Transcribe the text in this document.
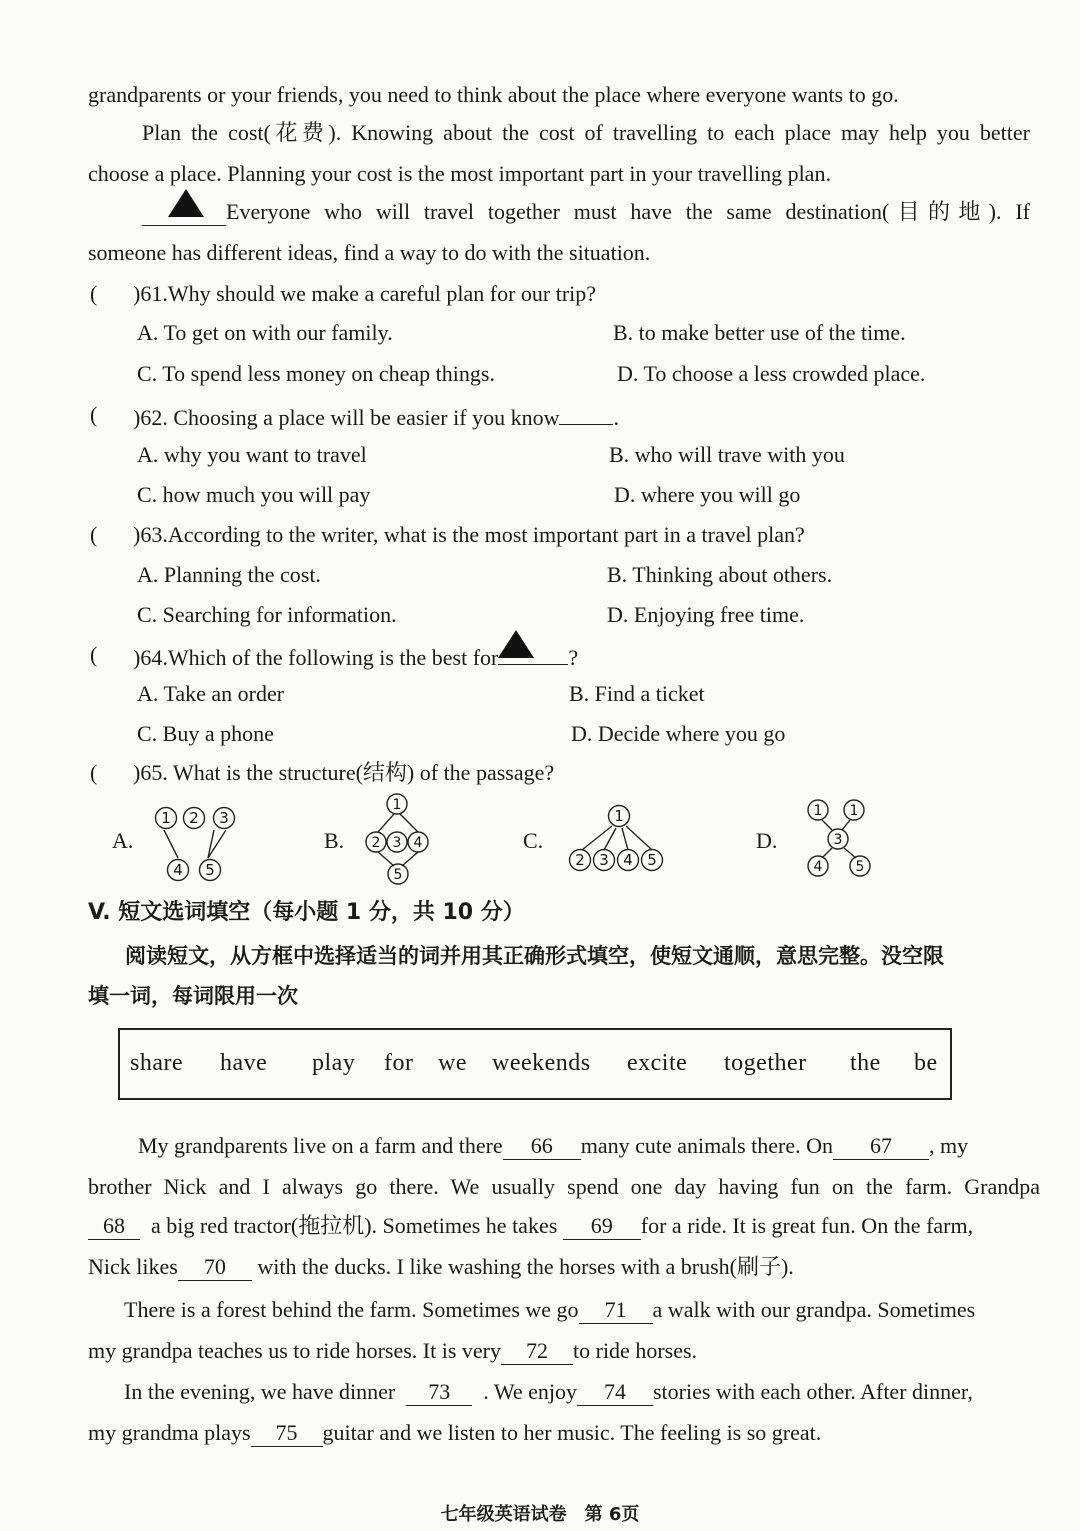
grandparents or your friends, you need to think about the place where everyone wants to go.
Plan the cost(花费). Knowing about the cost of travelling to each place may help you better
choose a place. Planning your cost is the most important part in your travelling plan.
Everyone who will travel together must have the same destination(目的地). If
someone has different ideas, find a way to do with the situation.
( )61.Why should we make a careful plan for our trip?
A. To get on with our family.	B. to make better use of the time.
C. To spend less money on cheap things.	D. To choose a less crowded place.
( )62. Choosing a place will be easier if you know .
A. why you want to travel	B. who will trave with you
C. how much you will pay	D. where you will go
( )63.According to the writer, what is the most important part in a travel plan?
A. Planning the cost.	B. Thinking about others.
C. Searching for information.	D. Enjoying free time.
( )64.Which of the following is the best for	?
A. Take an order	B. Find a ticket
C. Buy a phone	D. Decide where you go
( )65. What is the structure(结构) of the passage?
A.
1 2 3
4 5
B.
1
2 3 4
5
C.
1
2 3 4 5
D.
1 1
3
4 5
V. 短文选词填空（每小题 1 分，共 10 分）
阅读短文，从方框中选择适当的词并用其正确形式填空，使短文通顺，意思完整。没空限
填一词，每词限用一次
share have play for we weekends excite together the be
My grandparents live on a farm and there 66 many cute animals there. On 67 , my
brother Nick and I always go there. We usually spend one day having fun on the farm. Grandpa
68 a big red tractor(拖拉机). Sometimes he takes 69 for a ride. It is great fun. On the farm,
Nick likes 70 with the ducks. I like washing the horses with a brush(刷子).
There is a forest behind the farm. Sometimes we go 71 a walk with our grandpa. Sometimes
my grandpa teaches us to ride horses. It is very 72 to ride horses.
In the evening, we have dinner 73 . We enjoy 74 stories with each other. After dinner,
my grandma plays 75 guitar and we listen to her music. The feeling is so great.
七年级英语试卷　第 6页
